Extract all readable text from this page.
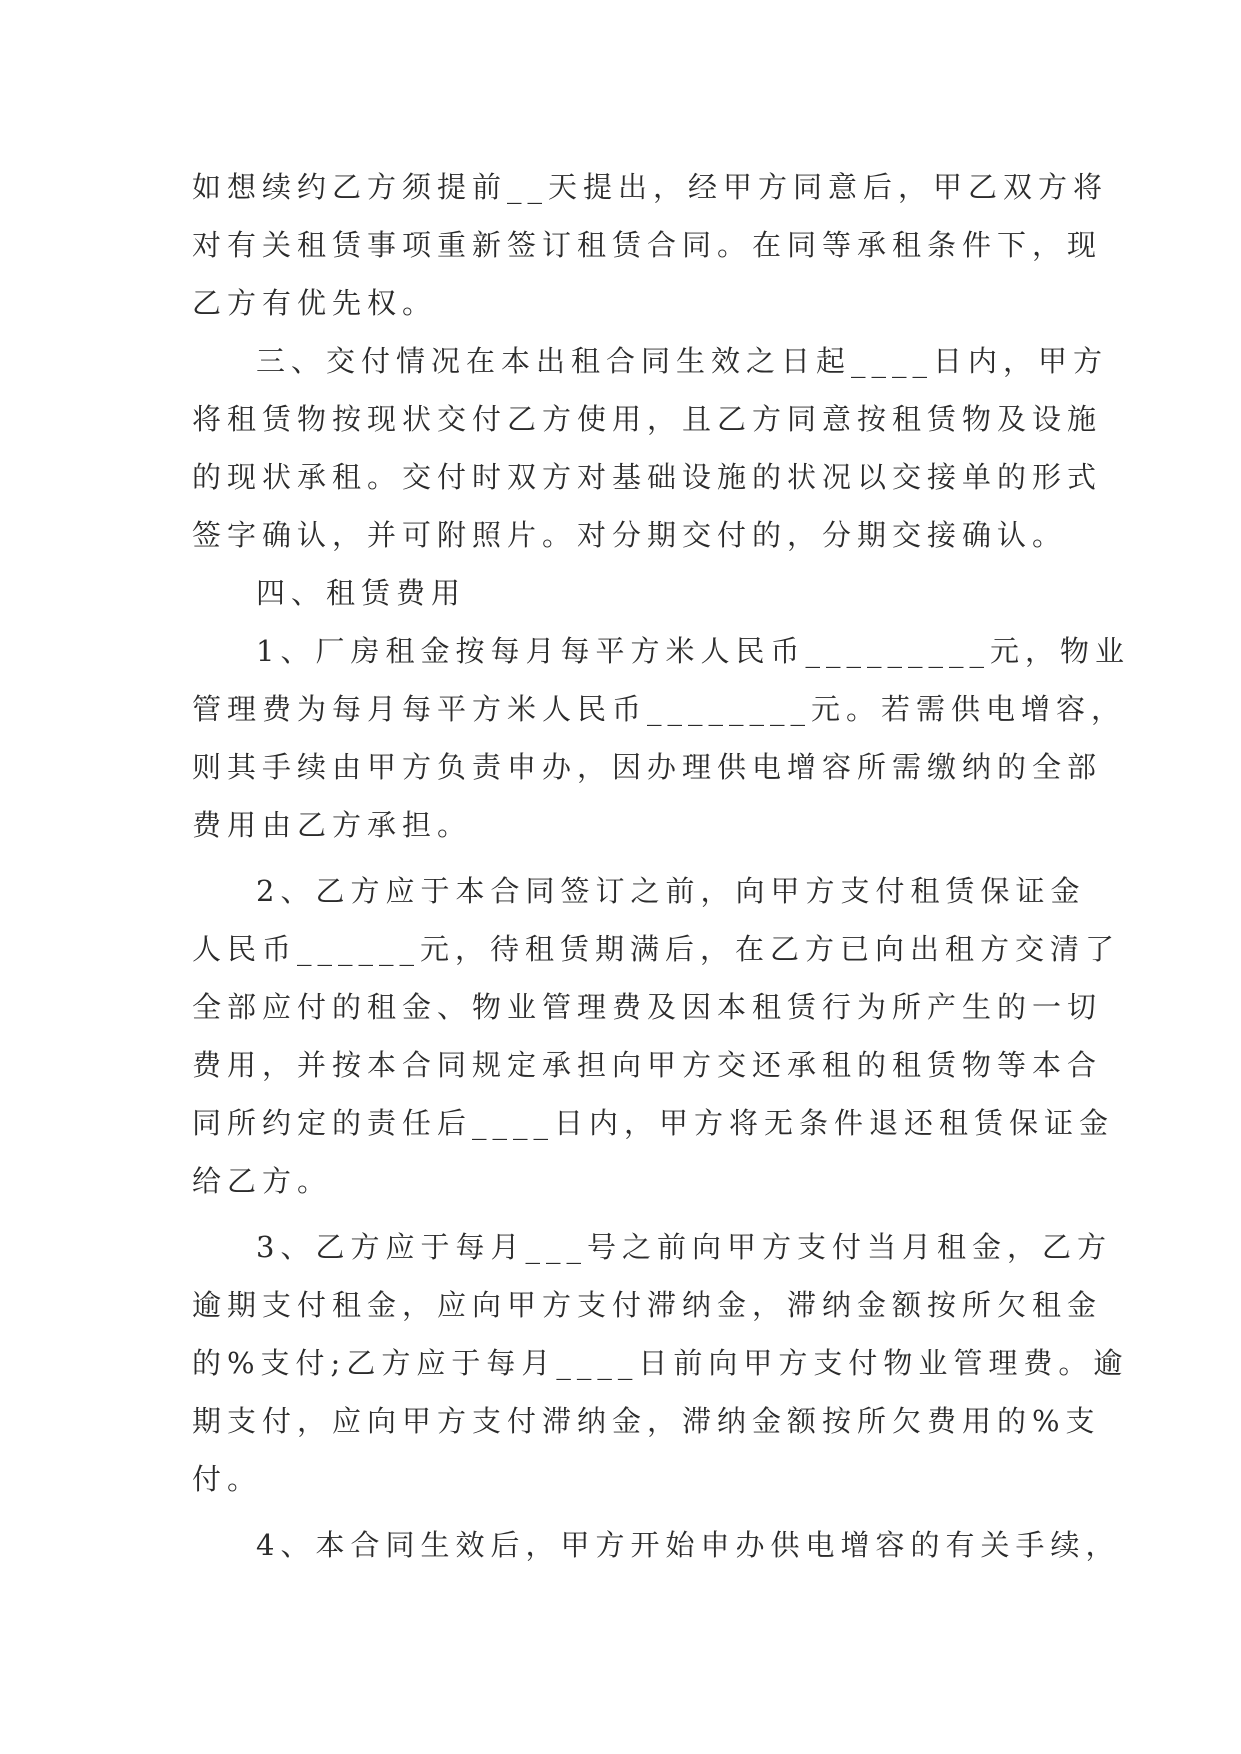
如想续约乙方须提前__天提出，经甲方同意后，甲乙双方将
对有关租赁事项重新签订租赁合同。在同等承租条件下，现
乙方有优先权。
三、交付情况在本出租合同生效之日起____日内，甲方
将租赁物按现状交付乙方使用，且乙方同意按租赁物及设施
的现状承租。交付时双方对基础设施的状况以交接单的形式
签字确认，并可附照片。对分期交付的，分期交接确认。
四、租赁费用
1、厂房租金按每月每平方米人民币_________元，物业
管理费为每月每平方米人民币________元。若需供电增容，
则其手续由甲方负责申办，因办理供电增容所需缴纳的全部
费用由乙方承担。
2、乙方应于本合同签订之前，向甲方支付租赁保证金
人民币______元，待租赁期满后，在乙方已向出租方交清了
全部应付的租金、物业管理费及因本租赁行为所产生的一切
费用，并按本合同规定承担向甲方交还承租的租赁物等本合
同所约定的责任后____日内，甲方将无条件退还租赁保证金
给乙方。
3、乙方应于每月___号之前向甲方支付当月租金，乙方
逾期支付租金，应向甲方支付滞纳金，滞纳金额按所欠租金
的%支付;乙方应于每月____日前向甲方支付物业管理费。逾
期支付，应向甲方支付滞纳金，滞纳金额按所欠费用的%支
付。
4、本合同生效后，甲方开始申办供电增容的有关手续，
